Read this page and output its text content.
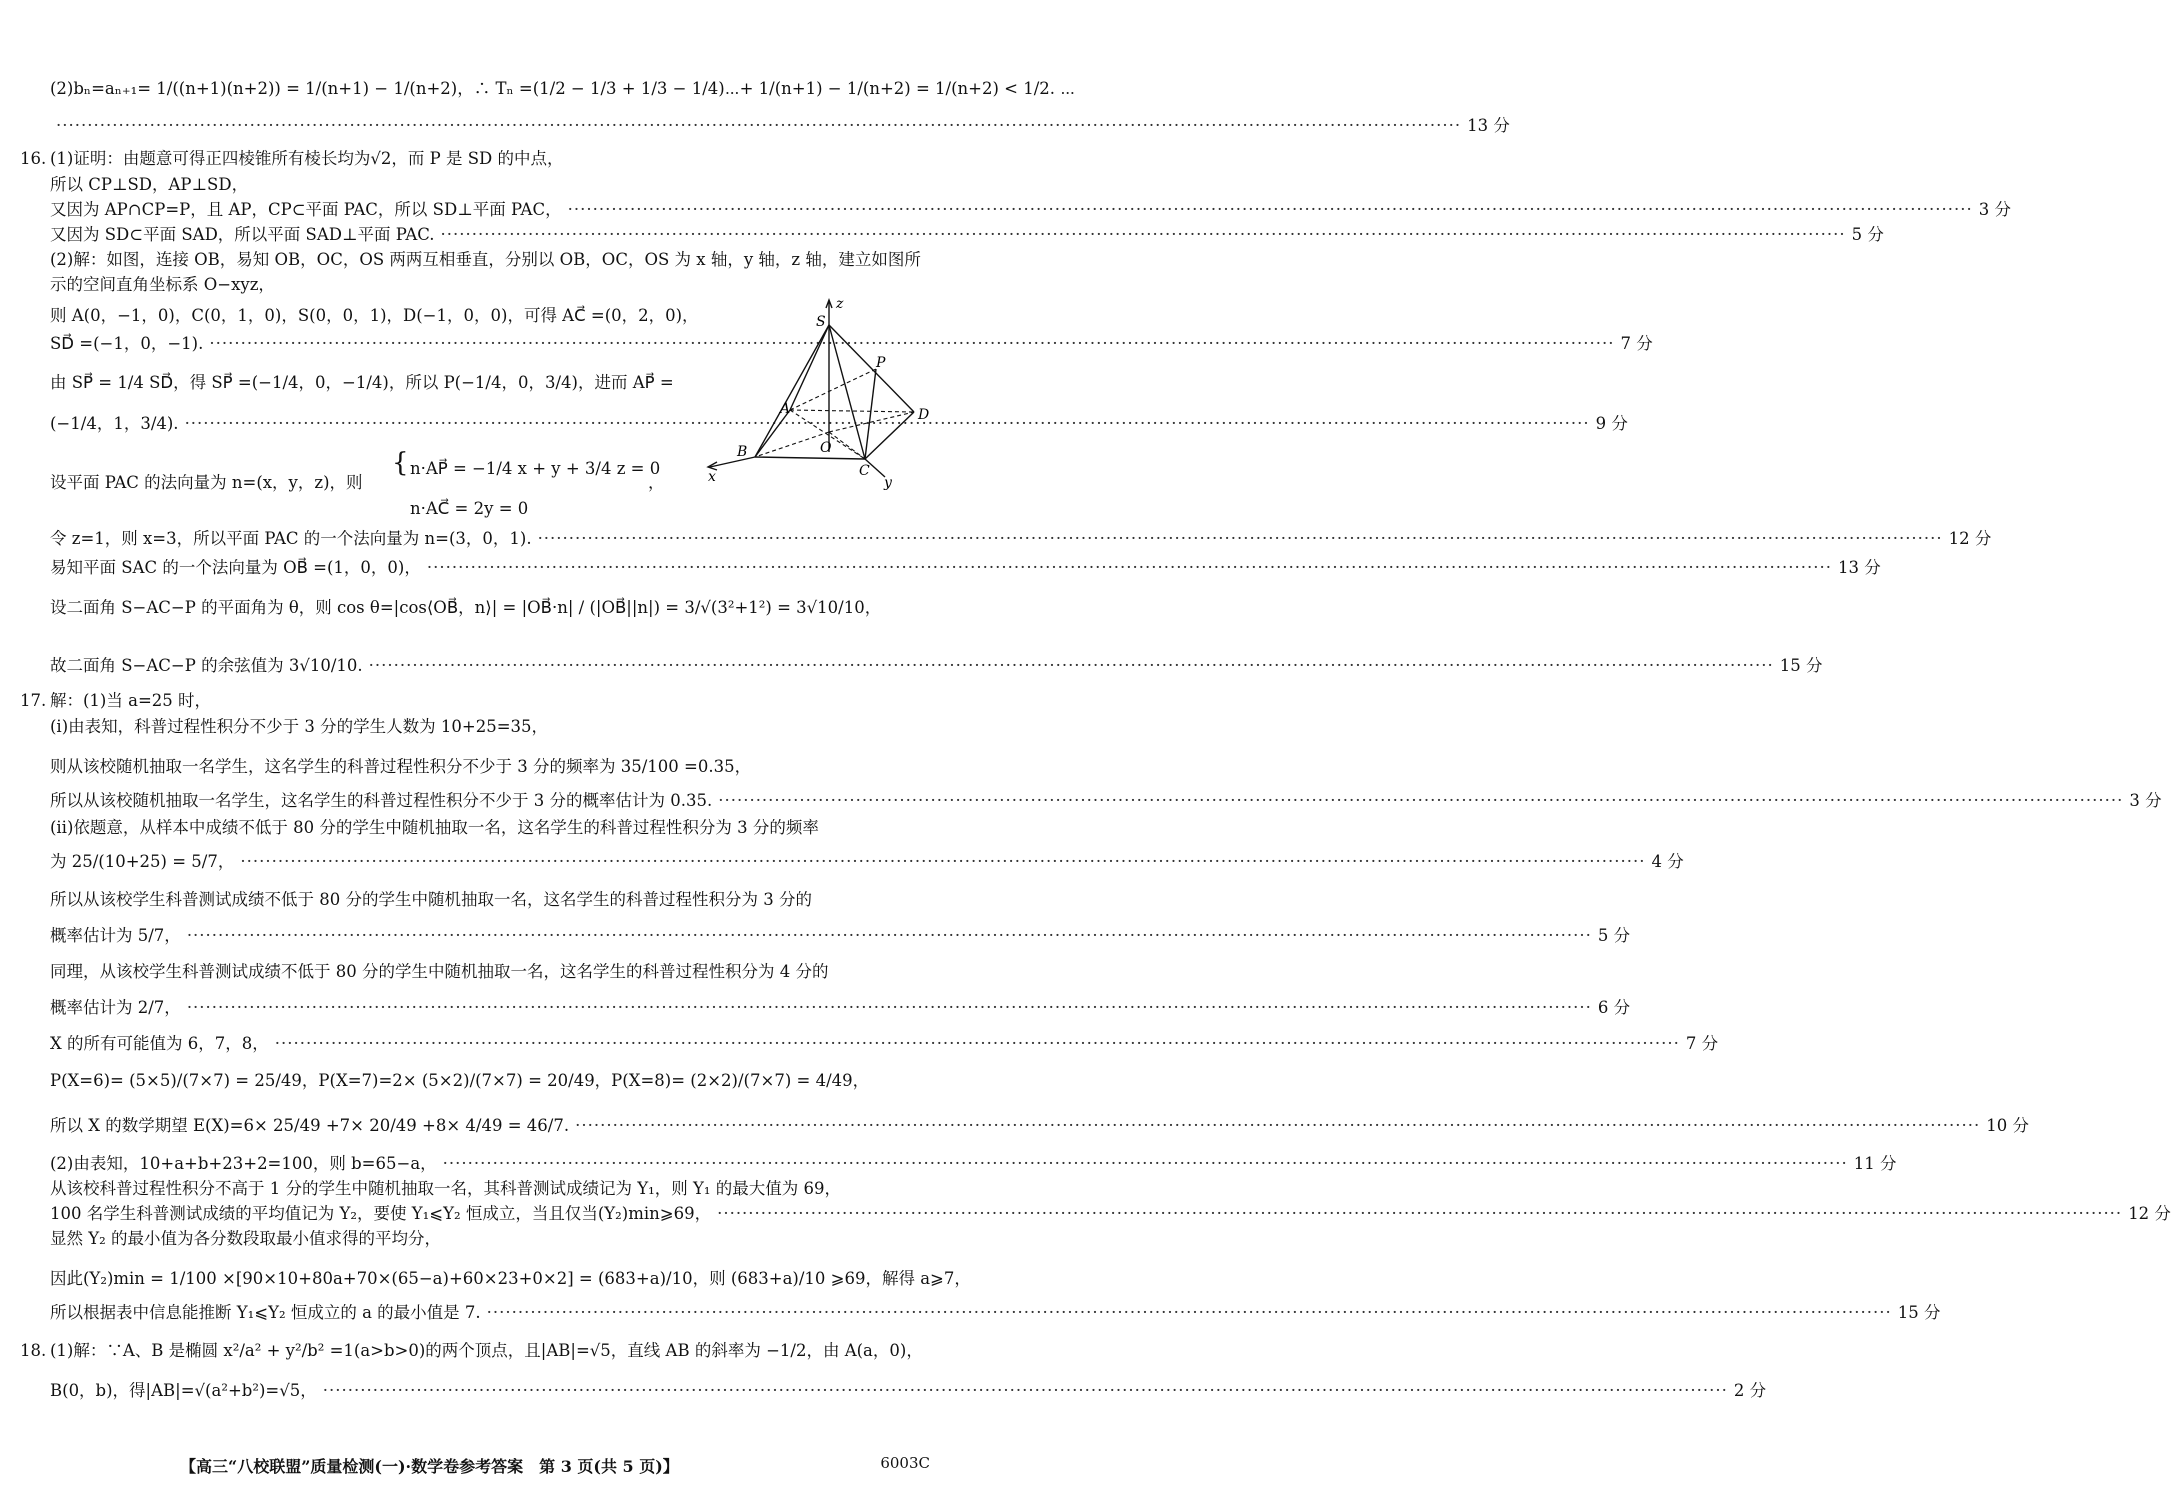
(2)bₙ=aₙ₊₁= 1/((n+1)(n+2)) = 1/(n+1) − 1/(n+2)，∴ Tₙ =(1/2 − 1/3 + 1/3 − 1/4)⋯+ 1/(n+1) − 1/(n+2) = 1/(n+2) < 1/2. ⋯
·····
13 分
16. (1)证明：由题意可得正四棱锥所有棱长均为√2，而 P 是 SD 的中点，
所以 CP⊥SD，AP⊥SD，
又因为 AP∩CP=P，且 AP，CP⊂平面 PAC，所以 SD⊥平面 PAC， ·····	3 分
又因为 SD⊂平面 SAD，所以平面 SAD⊥平面 PAC. ·····	5 分
(2)解：如图，连接 OB，易知 OB，OC，OS 两两互相垂直，分别以 OB，OC，OS 为 x 轴，y 轴，z 轴，建立如图所
示的空间直角坐标系 O−xyz，
则 A(0，−1，0)，C(0，1，0)，S(0，0，1)，D(−1，0，0)，可得 AC⃗ =(0，2，0)，
SD⃗ =(−1，0，−1). ·····	7 分
由 SP⃗ = 1/4 SD⃗，得 SP⃗ =(−1/4，0，−1/4)，所以 P(−1/4，0，3/4)，进而 AP⃗ =
(−1/4，1，3/4). ·····	9 分
z
S
P
A	D
B	O
C
x	y
设平面 PAC 的法向量为 n=(x，y，z)，则
{ n·AP⃗ = −1/4 x + y + 3/4 z = 0
n·AC⃗ = 2y = 0
，
令 z=1，则 x=3，所以平面 PAC 的一个法向量为 n=(3，0，1). ·····	12 分
易知平面 SAC 的一个法向量为 OB⃗ =(1，0，0)， ·····	13 分
设二面角 S−AC−P 的平面角为 θ，则 cos θ=|cos⟨OB⃗，n⟩| = |OB⃗·n| / (|OB⃗||n|) = 3/√(3²+1²) = 3√10/10，
故二面角 S−AC−P 的余弦值为 3√10/10. ·····	15 分
17. 解：(1)当 a=25 时，
(ⅰ)由表知，科普过程性积分不少于 3 分的学生人数为 10+25=35，
则从该校随机抽取一名学生，这名学生的科普过程性积分不少于 3 分的频率为 35/100 =0.35，
所以从该校随机抽取一名学生，这名学生的科普过程性积分不少于 3 分的概率估计为 0.35. ·····	3 分
(ⅱ)依题意，从样本中成绩不低于 80 分的学生中随机抽取一名，这名学生的科普过程性积分为 3 分的频率
为 25/(10+25) = 5/7， ·····	4 分
所以从该校学生科普测试成绩不低于 80 分的学生中随机抽取一名，这名学生的科普过程性积分为 3 分的
概率估计为 5/7， ·····	5 分
同理，从该校学生科普测试成绩不低于 80 分的学生中随机抽取一名，这名学生的科普过程性积分为 4 分的
概率估计为 2/7， ·····	6 分
X 的所有可能值为 6，7，8， ·····	7 分
P(X=6)= (5×5)/(7×7) = 25/49，P(X=7)=2× (5×2)/(7×7) = 20/49，P(X=8)= (2×2)/(7×7) = 4/49，
所以 X 的数学期望 E(X)=6× 25/49 +7× 20/49 +8× 4/49 = 46/7. ·····	10 分
(2)由表知，10+a+b+23+2=100，则 b=65−a， ·····	11 分
从该校科普过程性积分不高于 1 分的学生中随机抽取一名，其科普测试成绩记为 Y₁，则 Y₁ 的最大值为 69，
100 名学生科普测试成绩的平均值记为 Y₂，要使 Y₁⩽Y₂ 恒成立，当且仅当(Y₂)min⩾69， ·····	12 分
显然 Y₂ 的最小值为各分数段取最小值求得的平均分，
因此(Y₂)min = 1/100 ×[90×10+80a+70×(65−a)+60×23+0×2] = (683+a)/10，则 (683+a)/10 ⩾69，解得 a⩾7，
所以根据表中信息能推断 Y₁⩽Y₂ 恒成立的 a 的最小值是 7. ·····	15 分
18. (1)解：∵A、B 是椭圆 x²/a² + y²/b² =1(a>b>0)的两个顶点，且|AB|=√5，直线 AB 的斜率为 −1/2，由 A(a，0)，
B(0，b)，得|AB|=√(a²+b²)=√5， ·····	2 分
【高三“八校联盟”质量检测(一)·数学卷参考答案　第 3 页(共 5 页)】	6003C
